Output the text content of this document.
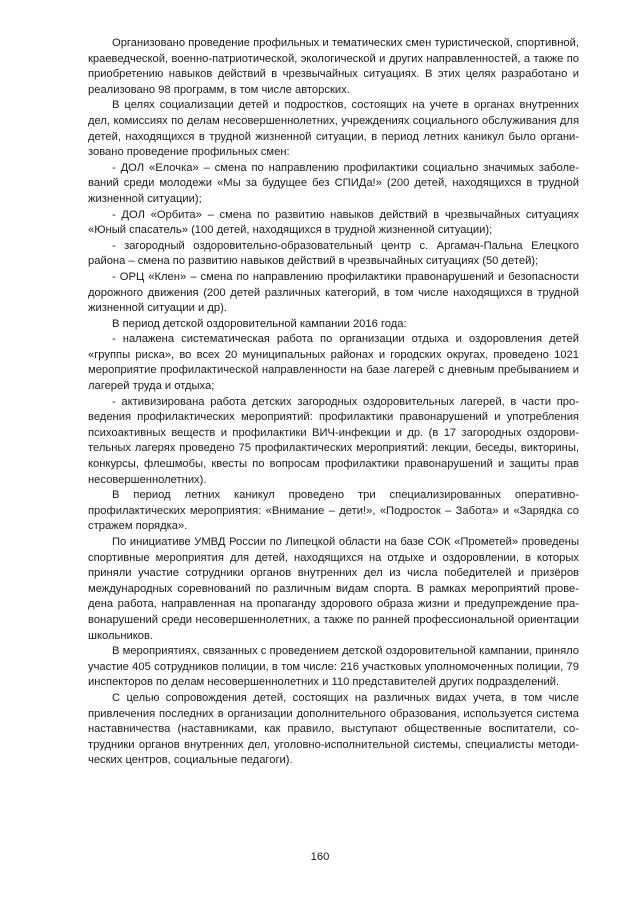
Организовано проведение профильных и тематических смен туристической, спортивной, краеведческой, военно-патриотической, экологической и других направленностей, а также по приобретению навыков действий в чрезвычайных ситуациях. В этих целях разработано и реализовано 98 программ, в том числе авторских.

В целях социализации детей и подростков, состоящих на учете в органах внутренних дел, комиссиях по делам несовершеннолетних, учреждениях социального обслуживания для детей, находящихся в трудной жизненной ситуации, в период летних каникул было организовано проведение профильных смен:

- ДОЛ «Елочка» – смена по направлению профилактики социально значимых заболеваний среди молодежи «Мы за будущее без СПИДа!» (200 детей, находящихся в трудной жизненной ситуации);

- ДОЛ «Орбита» – смена по развитию навыков действий в чрезвычайных ситуациях «Юный спасатель» (100 детей, находящихся в трудной жизненной ситуации);

- загородный оздоровительно-образовательный центр с. Аргамач-Пальна Елецкого района – смена по развитию навыков действий в чрезвычайных ситуациях (50 детей);

- ОРЦ «Клен» – смена по направлению профилактики правонарушений и безопасности дорожного движения (200 детей различных категорий, в том числе находящихся в трудной жизненной ситуации и др).

В период детской оздоровительной кампании 2016 года:

- налажена систематическая работа по организации отдыха и оздоровления детей «группы риска», во всех 20 муниципальных районах и городских округах, проведено 1021 мероприятие профилактической направленности на базе лагерей с дневным пребыванием и лагерей труда и отдыха;

- активизирована работа детских загородных оздоровительных лагерей, в части проведения профилактических мероприятий: профилактики правонарушений и употребления психоактивных веществ и профилактики ВИЧ-инфекции и др. (в 17 загородных оздоровительных лагерях проведено 75 профилактических мероприятий: лекции, беседы, викторины, конкурсы, флешмобы, квесты по вопросам профилактики правонарушений и защиты прав несовершеннолетних).

В период летних каникул проведено три специализированных оперативно-профилактических мероприятия: «Внимание – дети!», «Подросток – Забота» и «Зарядка со стражем порядка».

По инициативе УМВД России по Липецкой области на базе СОК «Прометей» проведены спортивные мероприятия для детей, находящихся на отдыхе и оздоровлении, в которых приняли участие сотрудники органов внутренних дел из числа победителей и призёров международных соревнований по различным видам спорта. В рамках мероприятий проведена работа, направленная на пропаганду здорового образа жизни и предупреждение правонарушений среди несовершеннолетних, а также по ранней профессиональной ориентации школьников.

В мероприятиях, связанных с проведением детской оздоровительной кампании, приняло участие 405 сотрудников полиции, в том числе: 216 участковых уполномоченных полиции, 79 инспекторов по делам несовершеннолетних и 110 представителей других подразделений.

С целью сопровождения детей, состоящих на различных видах учета, в том числе привлечения последних в организации дополнительного образования, используется система наставничества (наставниками, как правило, выступают общественные воспитатели, сотрудники органов внутренних дел, уголовно-исполнительной системы, специалисты методических центров, социальные педагоги).

160
